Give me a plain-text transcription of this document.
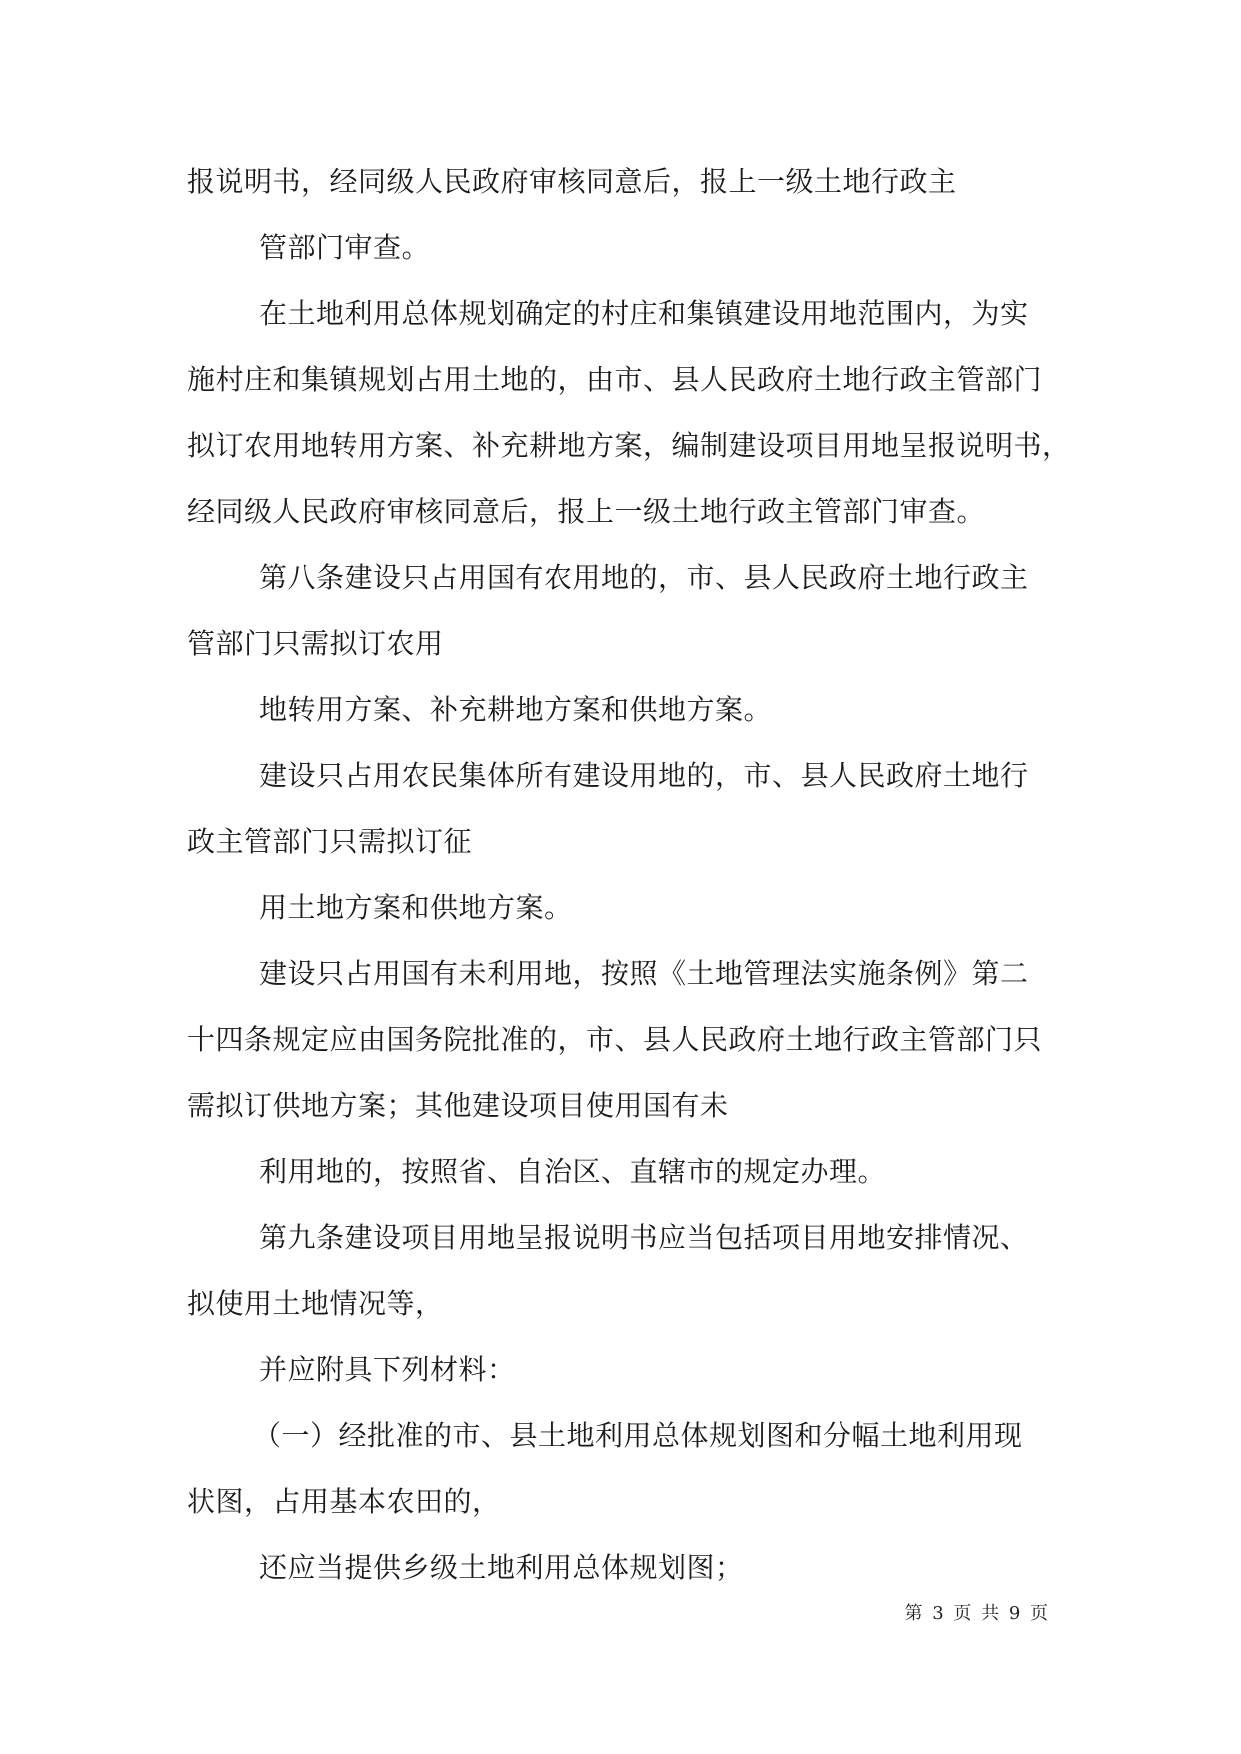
报说明书，经同级人民政府审核同意后，报上一级土地行政主
管部门审查。
在土地利用总体规划确定的村庄和集镇建设用地范围内，为实
施村庄和集镇规划占用土地的，由市、县人民政府土地行政主管部门
拟订农用地转用方案、补充耕地方案，编制建设项目用地呈报说明书，
经同级人民政府审核同意后，报上一级土地行政主管部门审查。
第八条建设只占用国有农用地的，市、县人民政府土地行政主
管部门只需拟订农用
地转用方案、补充耕地方案和供地方案。
建设只占用农民集体所有建设用地的，市、县人民政府土地行
政主管部门只需拟订征
用土地方案和供地方案。
建设只占用国有未利用地，按照《土地管理法实施条例》第二
十四条规定应由国务院批准的，市、县人民政府土地行政主管部门只
需拟订供地方案；其他建设项目使用国有未
利用地的，按照省、自治区、直辖市的规定办理。
第九条建设项目用地呈报说明书应当包括项目用地安排情况、
拟使用土地情况等，
并应附具下列材料：
（一）经批准的市、县土地利用总体规划图和分幅土地利用现
状图，占用基本农田的，
还应当提供乡级土地利用总体规划图；
第 3 页 共 9 页
